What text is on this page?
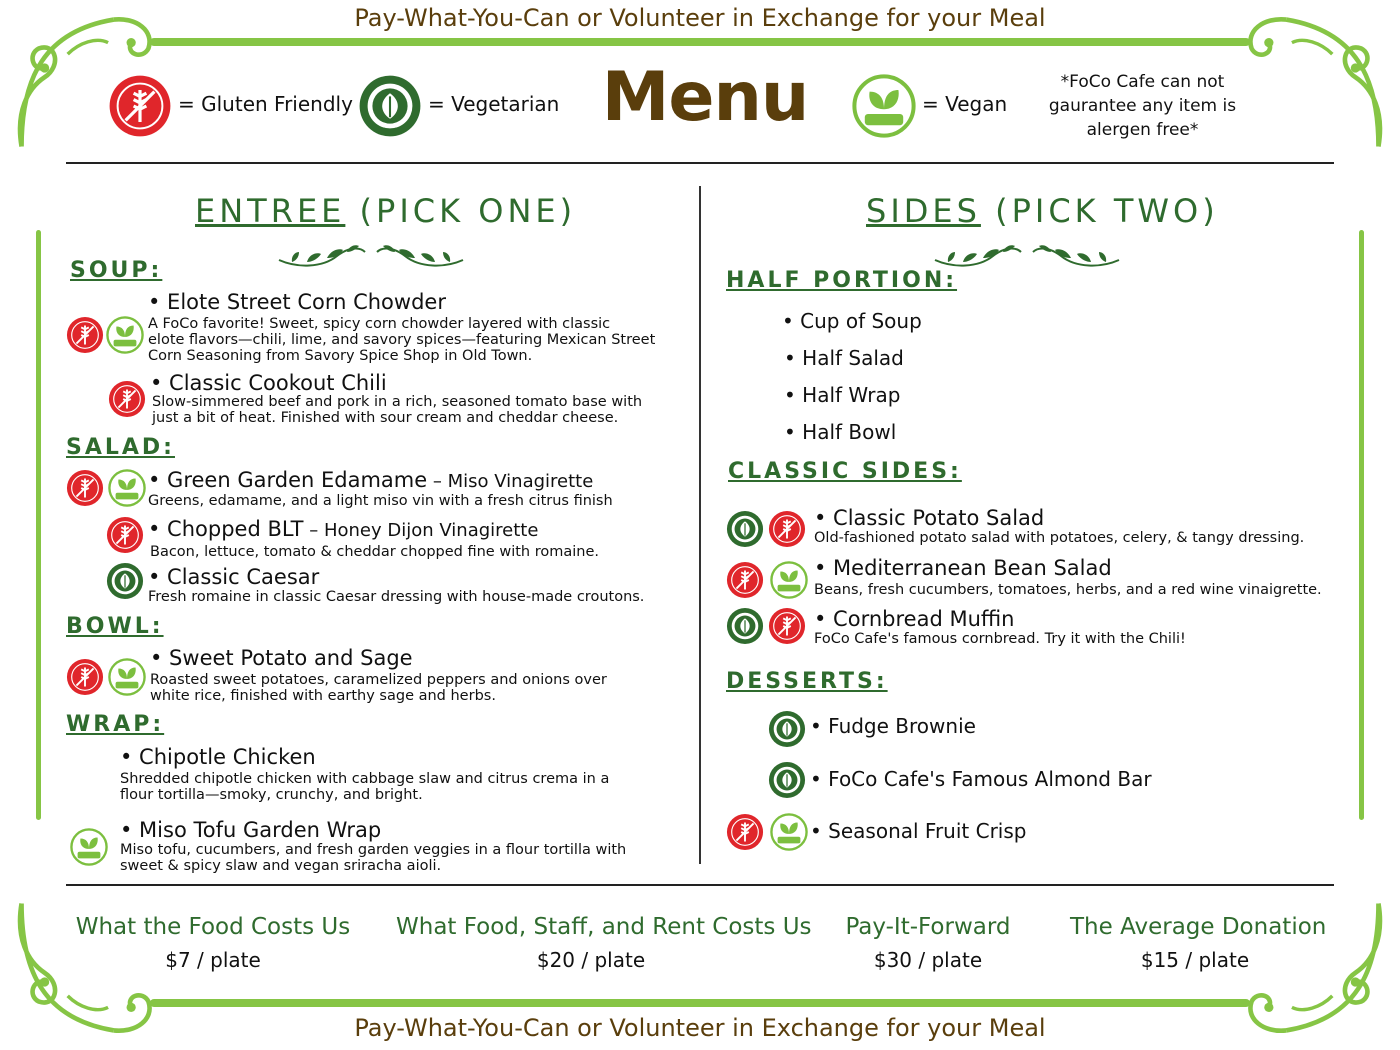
Pay-What-You-Can or Volunteer in Exchange for your Meal
Pay-What-You-Can or Volunteer in Exchange for your Meal
= Gluten Friendly	= Vegetarian Menu	= Vegan
*FoCo Cafe can not gaurantee any item is alergen free*
ENTREE (PICK ONE)
SOUP:
• Elote Street Corn Chowder
A FoCo favorite! Sweet, spicy corn chowder layered with classic
elote flavors—chili, lime, and savory spices—featuring Mexican Street
Corn Seasoning from Savory Spice Shop in Old Town.
• Classic Cookout Chili
Slow-simmered beef and pork in a rich, seasoned tomato base with
just a bit of heat. Finished with sour cream and cheddar cheese.
SALAD:
• Green Garden Edamame – Miso Vinagirette
Greens, edamame, and a light miso vin with a fresh citrus finish
• Chopped BLT – Honey Dijon Vinagirette
Bacon, lettuce, tomato & cheddar chopped fine with romaine.
• Classic Caesar
Fresh romaine in classic Caesar dressing with house-made croutons.
BOWL:
• Sweet Potato and Sage
Roasted sweet potatoes, caramelized peppers and onions over
white rice, finished with earthy sage and herbs.
WRAP:
• Chipotle Chicken
Shredded chipotle chicken with cabbage slaw and citrus crema in a
flour tortilla—smoky, crunchy, and bright.
• Miso Tofu Garden Wrap
Miso tofu, cucumbers, and fresh garden veggies in a flour tortilla with
sweet & spicy slaw and vegan sriracha aioli.
SIDES (PICK TWO)
HALF PORTION:
• Cup of Soup
• Half Salad
• Half Wrap
• Half Bowl
CLASSIC SIDES:
• Classic Potato Salad
Old-fashioned potato salad with potatoes, celery, & tangy dressing.
• Mediterranean Bean Salad
Beans, fresh cucumbers, tomatoes, herbs, and a red wine vinaigrette.
• Cornbread Muffin
FoCo Cafe's famous cornbread. Try it with the Chili!
DESSERTS:
• Fudge Brownie
• FoCo Cafe's Famous Almond Bar
• Seasonal Fruit Crisp
What the Food Costs Us
$7 / plate
What Food, Staff, and Rent Costs Us
$20 / plate
Pay-It-Forward
$30 / plate
The Average Donation
$15 / plate
